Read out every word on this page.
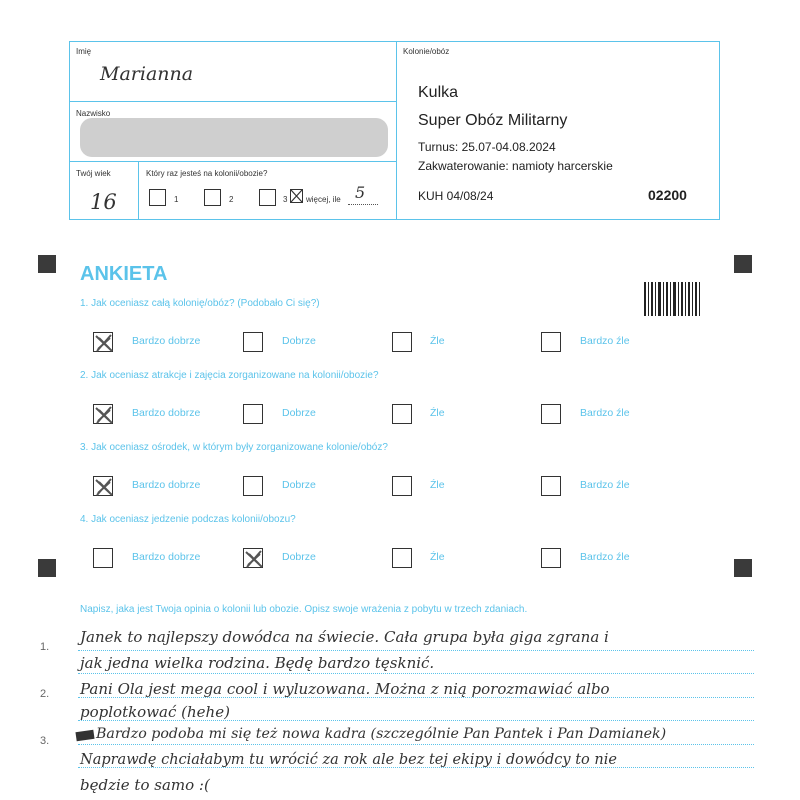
Imię
Marianna
Nazwisko
Twój wiek
16
Który raz jesteś na kolonii/obozie?
1	2	3 więcej, ile 5
Kolonie/obóz
Kulka
Super Obóz Militarny
Turnus: 25.07-04.08.2024
Zakwaterowanie: namioty harcerskie
KUH 04/08/24	02200
ANKIETA
1. Jak oceniasz całą kolonię/obóz? (Podobało Ci się?)
Bardzo dobrze	Dobrze	Źle	Bardzo źle
2. Jak oceniasz atrakcje i zajęcia zorganizowane na kolonii/obozie?
Bardzo dobrze	Dobrze	Źle	Bardzo źle
3. Jak oceniasz ośrodek, w którym były zorganizowane kolonie/obóz?
Bardzo dobrze	Dobrze	Źle	Bardzo źle
4. Jak oceniasz jedzenie podczas kolonii/obozu?
Bardzo dobrze	Dobrze	Źle	Bardzo źle
Napisz, jaka jest Twoja opinia o kolonii lub obozie. Opisz swoje wrażenia z pobytu w trzech zdaniach.
1.
2.
3.
Janek to najlepszy dowódca na świecie. Cała grupa była giga zgrana i
jak jedna wielka rodzina. Będę bardzo tęsknić.
Pani Ola jest mega cool i wyluzowana. Można z nią porozmawiać albo
poplotkować (hehe)
Bardzo podoba mi się też nowa kadra (szczególnie Pan Pantek i Pan Damianek)
Naprawdę chciałabym tu wrócić za rok ale bez tej ekipy i dowódcy to nie
będzie to samo :(
